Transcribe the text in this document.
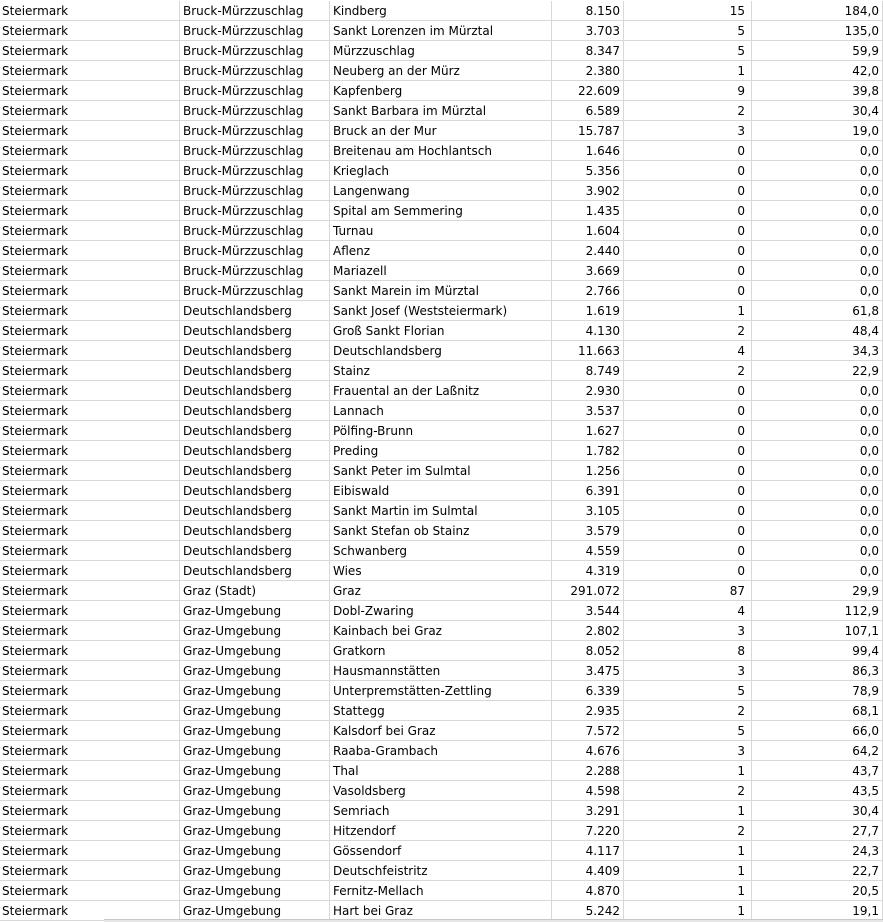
Steiermark	Bruck-Mürzzuschlag	Kindberg	8.150	15	184,0
Steiermark	Bruck-Mürzzuschlag	Sankt Lorenzen im Mürztal	3.703	5	135,0
Steiermark	Bruck-Mürzzuschlag	Mürzzuschlag	8.347	5	59,9
Steiermark	Bruck-Mürzzuschlag	Neuberg an der Mürz	2.380	1	42,0
Steiermark	Bruck-Mürzzuschlag	Kapfenberg	22.609	9	39,8
Steiermark	Bruck-Mürzzuschlag	Sankt Barbara im Mürztal	6.589	2	30,4
Steiermark	Bruck-Mürzzuschlag	Bruck an der Mur	15.787	3	19,0
Steiermark	Bruck-Mürzzuschlag	Breitenau am Hochlantsch	1.646	0	0,0
Steiermark	Bruck-Mürzzuschlag	Krieglach	5.356	0	0,0
Steiermark	Bruck-Mürzzuschlag	Langenwang	3.902	0	0,0
Steiermark	Bruck-Mürzzuschlag	Spital am Semmering	1.435	0	0,0
Steiermark	Bruck-Mürzzuschlag	Turnau	1.604	0	0,0
Steiermark	Bruck-Mürzzuschlag	Aflenz	2.440	0	0,0
Steiermark	Bruck-Mürzzuschlag	Mariazell	3.669	0	0,0
Steiermark	Bruck-Mürzzuschlag	Sankt Marein im Mürztal	2.766	0	0,0
Steiermark	Deutschlandsberg	Sankt Josef (Weststeiermark)	1.619	1	61,8
Steiermark	Deutschlandsberg	Groß Sankt Florian	4.130	2	48,4
Steiermark	Deutschlandsberg	Deutschlandsberg	11.663	4	34,3
Steiermark	Deutschlandsberg	Stainz	8.749	2	22,9
Steiermark	Deutschlandsberg	Frauental an der Laßnitz	2.930	0	0,0
Steiermark	Deutschlandsberg	Lannach	3.537	0	0,0
Steiermark	Deutschlandsberg	Pölfing-Brunn	1.627	0	0,0
Steiermark	Deutschlandsberg	Preding	1.782	0	0,0
Steiermark	Deutschlandsberg	Sankt Peter im Sulmtal	1.256	0	0,0
Steiermark	Deutschlandsberg	Eibiswald	6.391	0	0,0
Steiermark	Deutschlandsberg	Sankt Martin im Sulmtal	3.105	0	0,0
Steiermark	Deutschlandsberg	Sankt Stefan ob Stainz	3.579	0	0,0
Steiermark	Deutschlandsberg	Schwanberg	4.559	0	0,0
Steiermark	Deutschlandsberg	Wies	4.319	0	0,0
Steiermark	Graz (Stadt)	Graz	291.072	87	29,9
Steiermark	Graz-Umgebung	Dobl-Zwaring	3.544	4	112,9
Steiermark	Graz-Umgebung	Kainbach bei Graz	2.802	3	107,1
Steiermark	Graz-Umgebung	Gratkorn	8.052	8	99,4
Steiermark	Graz-Umgebung	Hausmannstätten	3.475	3	86,3
Steiermark	Graz-Umgebung	Unterpremstätten-Zettling	6.339	5	78,9
Steiermark	Graz-Umgebung	Stattegg	2.935	2	68,1
Steiermark	Graz-Umgebung	Kalsdorf bei Graz	7.572	5	66,0
Steiermark	Graz-Umgebung	Raaba-Grambach	4.676	3	64,2
Steiermark	Graz-Umgebung	Thal	2.288	1	43,7
Steiermark	Graz-Umgebung	Vasoldsberg	4.598	2	43,5
Steiermark	Graz-Umgebung	Semriach	3.291	1	30,4
Steiermark	Graz-Umgebung	Hitzendorf	7.220	2	27,7
Steiermark	Graz-Umgebung	Gössendorf	4.117	1	24,3
Steiermark	Graz-Umgebung	Deutschfeistritz	4.409	1	22,7
Steiermark	Graz-Umgebung	Fernitz-Mellach	4.870	1	20,5
Steiermark	Graz-Umgebung	Hart bei Graz	5.242	1	19,1
